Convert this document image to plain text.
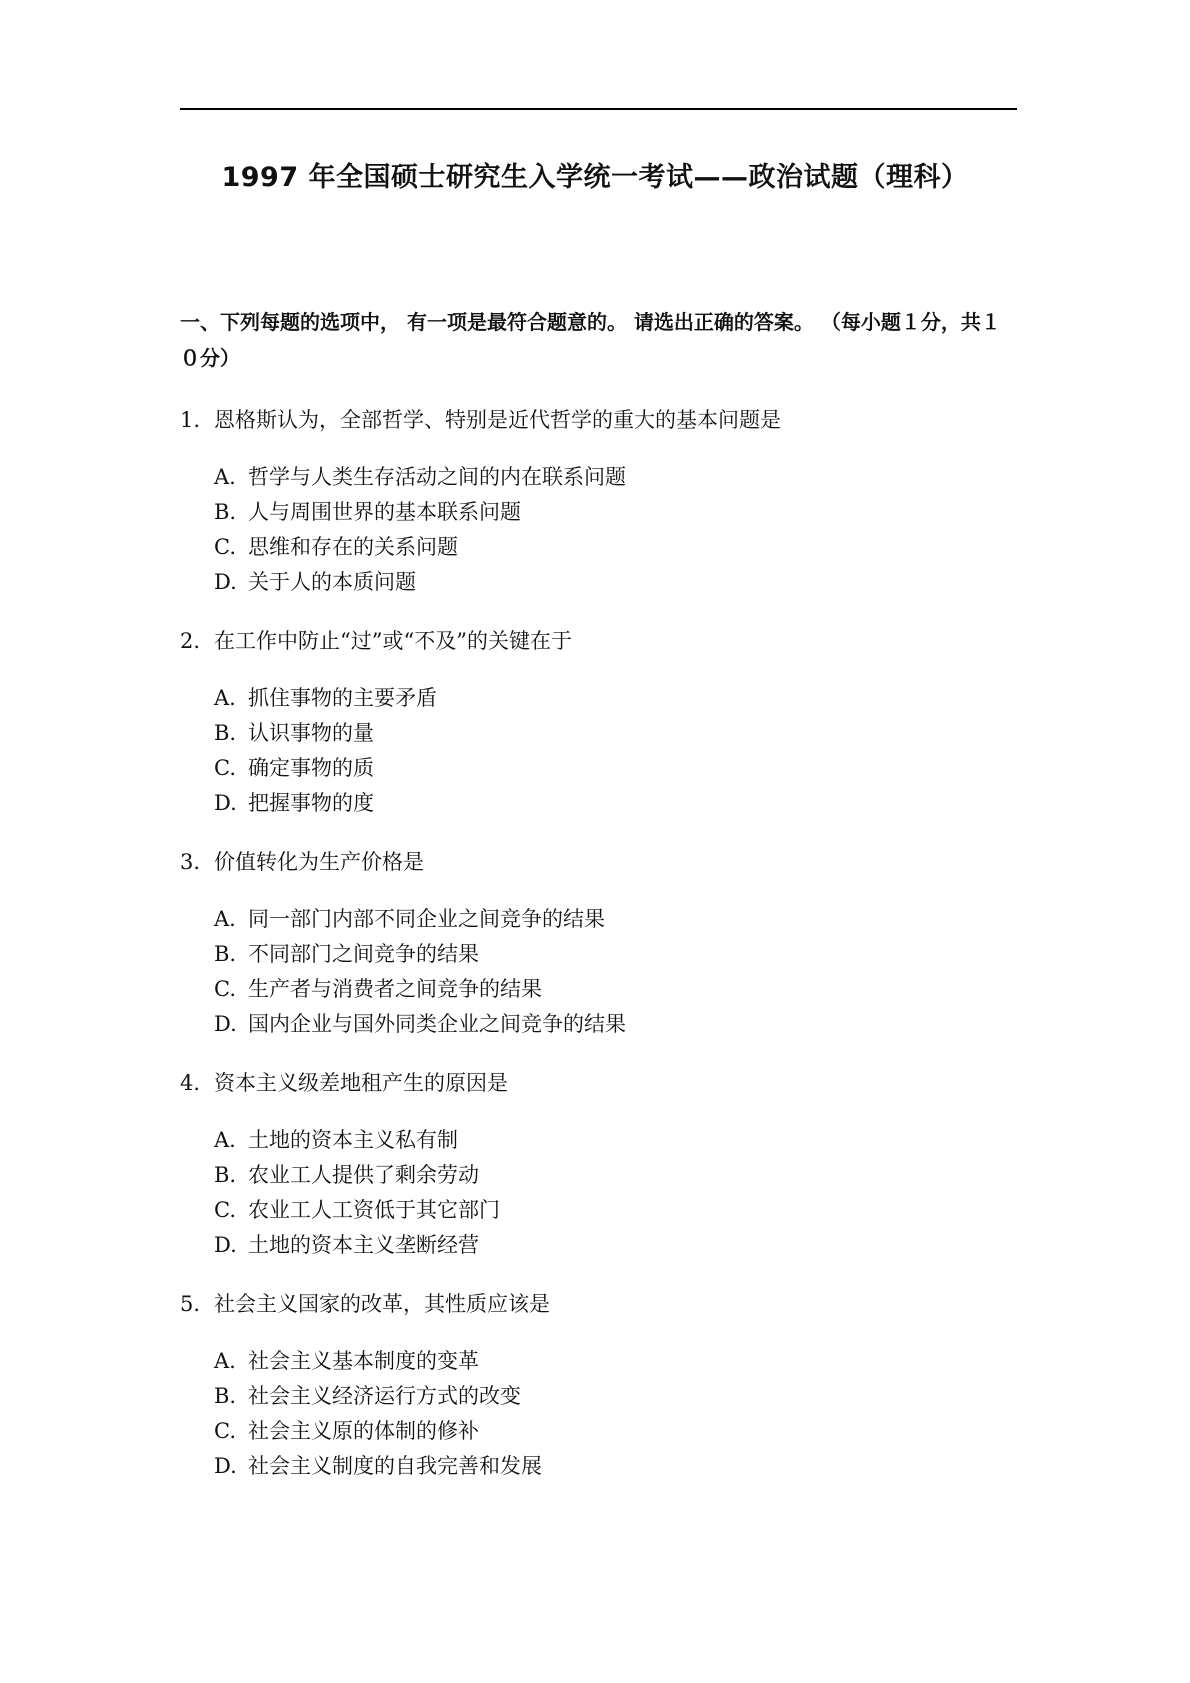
1997 年全国硕士研究生入学统一考试——政治试题（理科）
一、下列每题的选项中， 有一项是最符合题意的。 请选出正确的答案。 （每小题１分，共１０分）
1. 恩格斯认为，全部哲学、特别是近代哲学的重大的基本问题是
A. 哲学与人类生存活动之间的内在联系问题
B. 人与周围世界的基本联系问题
C. 思维和存在的关系问题
D. 关于人的本质问题
2. 在工作中防止“过”或“不及”的关键在于
A. 抓住事物的主要矛盾
B. 认识事物的量
C. 确定事物的质
D. 把握事物的度
3. 价值转化为生产价格是
A. 同一部门内部不同企业之间竞争的结果
B. 不同部门之间竞争的结果
C. 生产者与消费者之间竞争的结果
D. 国内企业与国外同类企业之间竞争的结果
4. 资本主义级差地租产生的原因是
A. 土地的资本主义私有制
B. 农业工人提供了剩余劳动
C. 农业工人工资低于其它部门
D. 土地的资本主义垄断经营
5. 社会主义国家的改革，其性质应该是
A. 社会主义基本制度的变革
B. 社会主义经济运行方式的改变
C. 社会主义原的体制的修补
D. 社会主义制度的自我完善和发展
